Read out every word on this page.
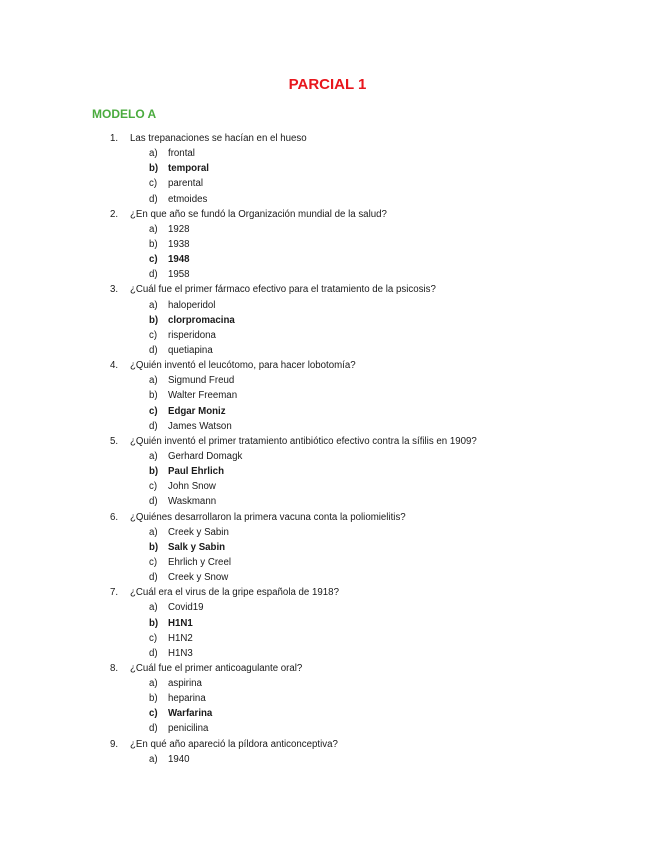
PARCIAL 1
MODELO A
1. Las trepanaciones se hacían en el hueso
a) frontal
b) temporal
c) parental
d) etmoides
2. ¿En que año se fundó la Organización mundial de la salud?
a) 1928
b) 1938
c) 1948
d) 1958
3. ¿Cuál fue el primer fármaco efectivo para el tratamiento de la psicosis?
a) haloperidol
b) clorpromacina
c) risperidona
d) quetiapina
4. ¿Quién inventó el leucótomo, para hacer lobotomía?
a) Sigmund Freud
b) Walter Freeman
c) Edgar Moniz
d) James Watson
5. ¿Quién inventó el primer tratamiento antibiótico efectivo contra la sífilis en 1909?
a) Gerhard Domagk
b) Paul Ehrlich
c) John Snow
d) Waskmann
6. ¿Quiénes desarrollaron la primera vacuna conta la poliomielitis?
a) Creek y Sabin
b) Salk y Sabin
c) Ehrlich y Creel
d) Creek y Snow
7. ¿Cuál era el virus de la gripe española de 1918?
a) Covid19
b) H1N1
c) H1N2
d) H1N3
8. ¿Cuál fue el primer anticoagulante oral?
a) aspirina
b) heparina
c) Warfarina
d) penicilina
9. ¿En qué año apareció la píldora anticonceptiva?
a) 1940
